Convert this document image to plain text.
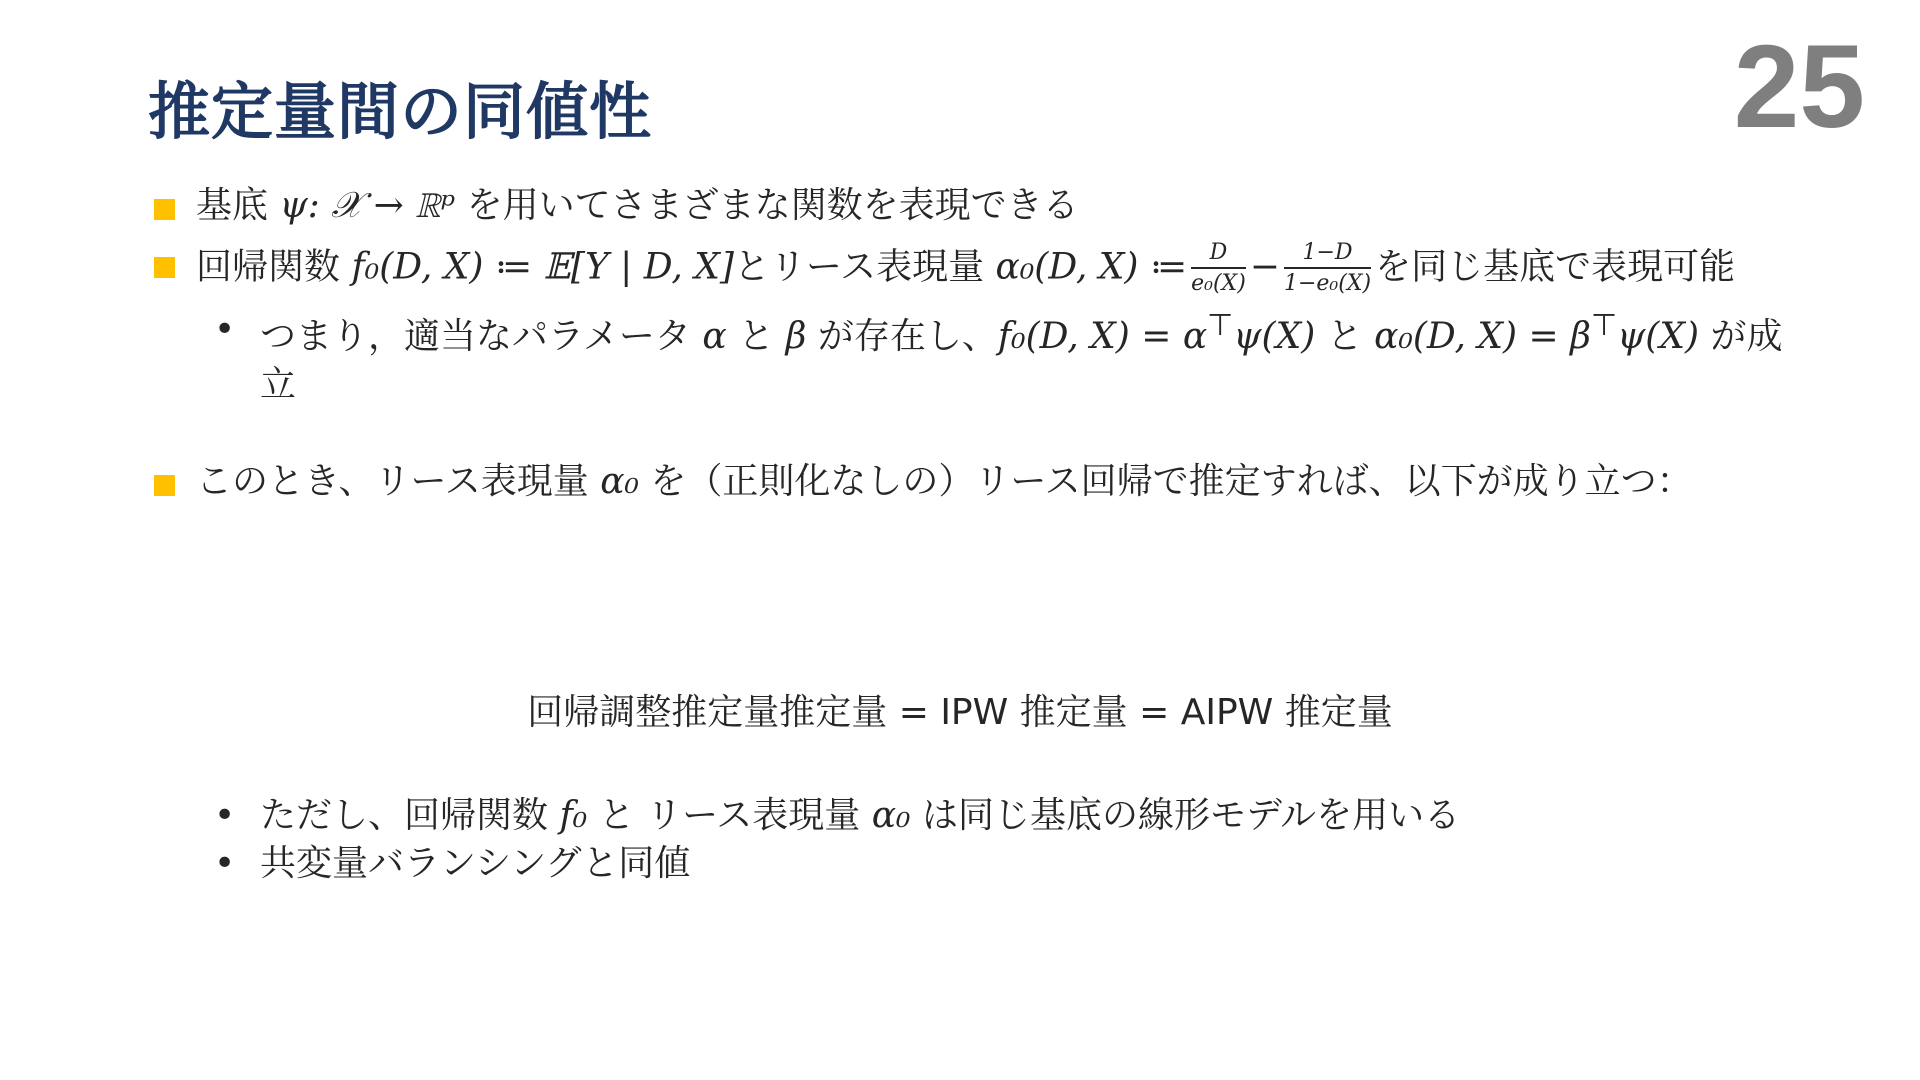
推定量間の同値性	25
基底 ψ: 𝒳 → ℝᵖ を用いてさまざまな関数を表現できる
回帰関数 f₀(D, X) ≔ 𝔼[Y | D, X]とリース表現量 α₀(D, X) ≔ $\frac{D}{\text{e₀(X)}} - \frac{1-D}{\text{1−e₀(X)}}$ を同じ基底で表現可能
• つまり，適当なパラメータ α と β が存在し、f₀(D, X) = α⊤ψ(X) と α₀(D, X) = β⊤ψ(X) が成立
このとき、リース表現量 α₀ を（正則化なしの）リース回帰で推定すれば、以下が成り立つ：
回帰調整推定量推定量 = IPW 推定量 = AIPW 推定量
• ただし、回帰関数 f₀ と リース表現量 α₀ は同じ基底の線形モデルを用いる
• 共変量バランシングと同値
